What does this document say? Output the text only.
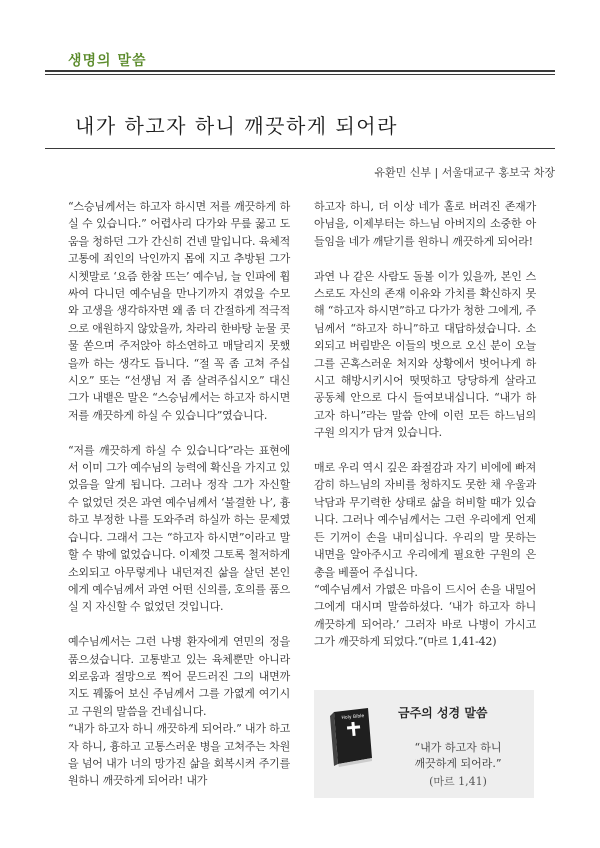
생명의 말씀
내가 하고자 하니 깨끗하게 되어라
유환민 신부 | 서울대교구 홍보국 차장

“스승님께서는 하고자 하시면 저를 깨끗하게 하실 수 있습니다.” 어렵사리 다가와 무릎 꿇고 도움을 청하던 그가 간신히 건넨 말입니다. 육체적 고통에 죄인의 낙인까지 몸에 지고 추방된 그가 시쳇말로 ‘요즘 한참 뜨는’ 예수님, 늘 인파에 휩싸여 다니던 예수님을 만나기까지 겪었을 수모와 고생을 생각하자면 왜 좀 더 간절하게 적극적으로 애원하지 않았을까, 차라리 한바탕 눈물 콧물 쏟으며 주저앉아 하소연하고 매달리지 못했을까 하는 생각도 듭니다. “절 꼭 좀 고쳐 주십시오” 또는 “선생님 저 좀 살려주십시오” 대신 그가 내뱉은 말은 “스승님께서는 하고자 하시면 저를 깨끗하게 하실 수 있습니다”였습니다.

“저를 깨끗하게 하실 수 있습니다”라는 표현에서 이미 그가 예수님의 능력에 확신을 가지고 있었음을 알게 됩니다. 그러나 정작 그가 자신할 수 없었던 것은 과연 예수님께서 ‘불결한 나’, 흉하고 부정한 나를 도와주려 하실까 하는 문제였습니다. 그래서 그는 “하고자 하시면”이라고 말할 수 밖에 없었습니다. 이제껏 그토록 철저하게 소외되고 아무렇게나 내던져진 삶을 살던 본인에게 예수님께서 과연 어떤 신의를, 호의를 품으실 지 자신할 수 없었던 것입니다.

예수님께서는 그런 나병 환자에게 연민의 정을 품으셨습니다. 고통받고 있는 육체뿐만 아니라 외로움과 절망으로 찍어 문드러진 그의 내면까지도 꿰뚫어 보신 주님께서 그를 가엾게 여기시고 구원의 말씀을 건네십니다.

“내가 하고자 하니 깨끗하게 되어라.” 내가 하고자 하니, 흉하고 고통스러운 병을 고쳐주는 차원을 넘어 내가 너의 망가진 삶을 회복시켜 주기를 원하니 깨끗하게 되어라! 내가

하고자 하니, 더 이상 네가 홀로 버려진 존재가 아님을, 이제부터는 하느님 아버지의 소중한 아들임을 네가 깨닫기를 원하니 깨끗하게 되어라!

과연 나 같은 사람도 돌볼 이가 있을까, 본인 스스로도 자신의 존재 이유와 가치를 확신하지 못해 “하고자 하시면”하고 다가가 청한 그에게, 주님께서 “하고자 하니”하고 대답하셨습니다. 소외되고 버림받은 이들의 벗으로 오신 분이 오늘 그를 곤혹스러운 처지와 상황에서 벗어나게 하시고 해방시키시어 떳떳하고 당당하게 살라고 공동체 안으로 다시 들여보내십니다. “내가 하고자 하니”라는 말씀 안에 이런 모든 하느님의 구원 의지가 담겨 있습니다.

매로 우리 역시 깊은 좌절감과 자기 비에에 빠져 감히 하느님의 자비를 청하지도 못한 채 우울과 낙담과 무기력한 상태로 삶을 허비할 때가 있습니다. 그러나 예수님께서는 그런 우리에게 언제든 기꺼이 손을 내미십니다. 우리의 말 못하는 내면을 알아주시고 우리에게 필요한 구원의 은총을 베풀어 주십니다.

“예수님께서 가엾은 마음이 드시어 손을 내밀어 그에게 대시며 말씀하셨다. ‘내가 하고자 하니 깨끗하게 되어라.’ 그러자 바로 나병이 가시고 그가 깨끗하게 되었다.”(마르 1,41-42)

Holy Bible	금주의 성경 말씀
“내가 하고자 하니
깨끗하게 되어라.”
(마르 1,41)
